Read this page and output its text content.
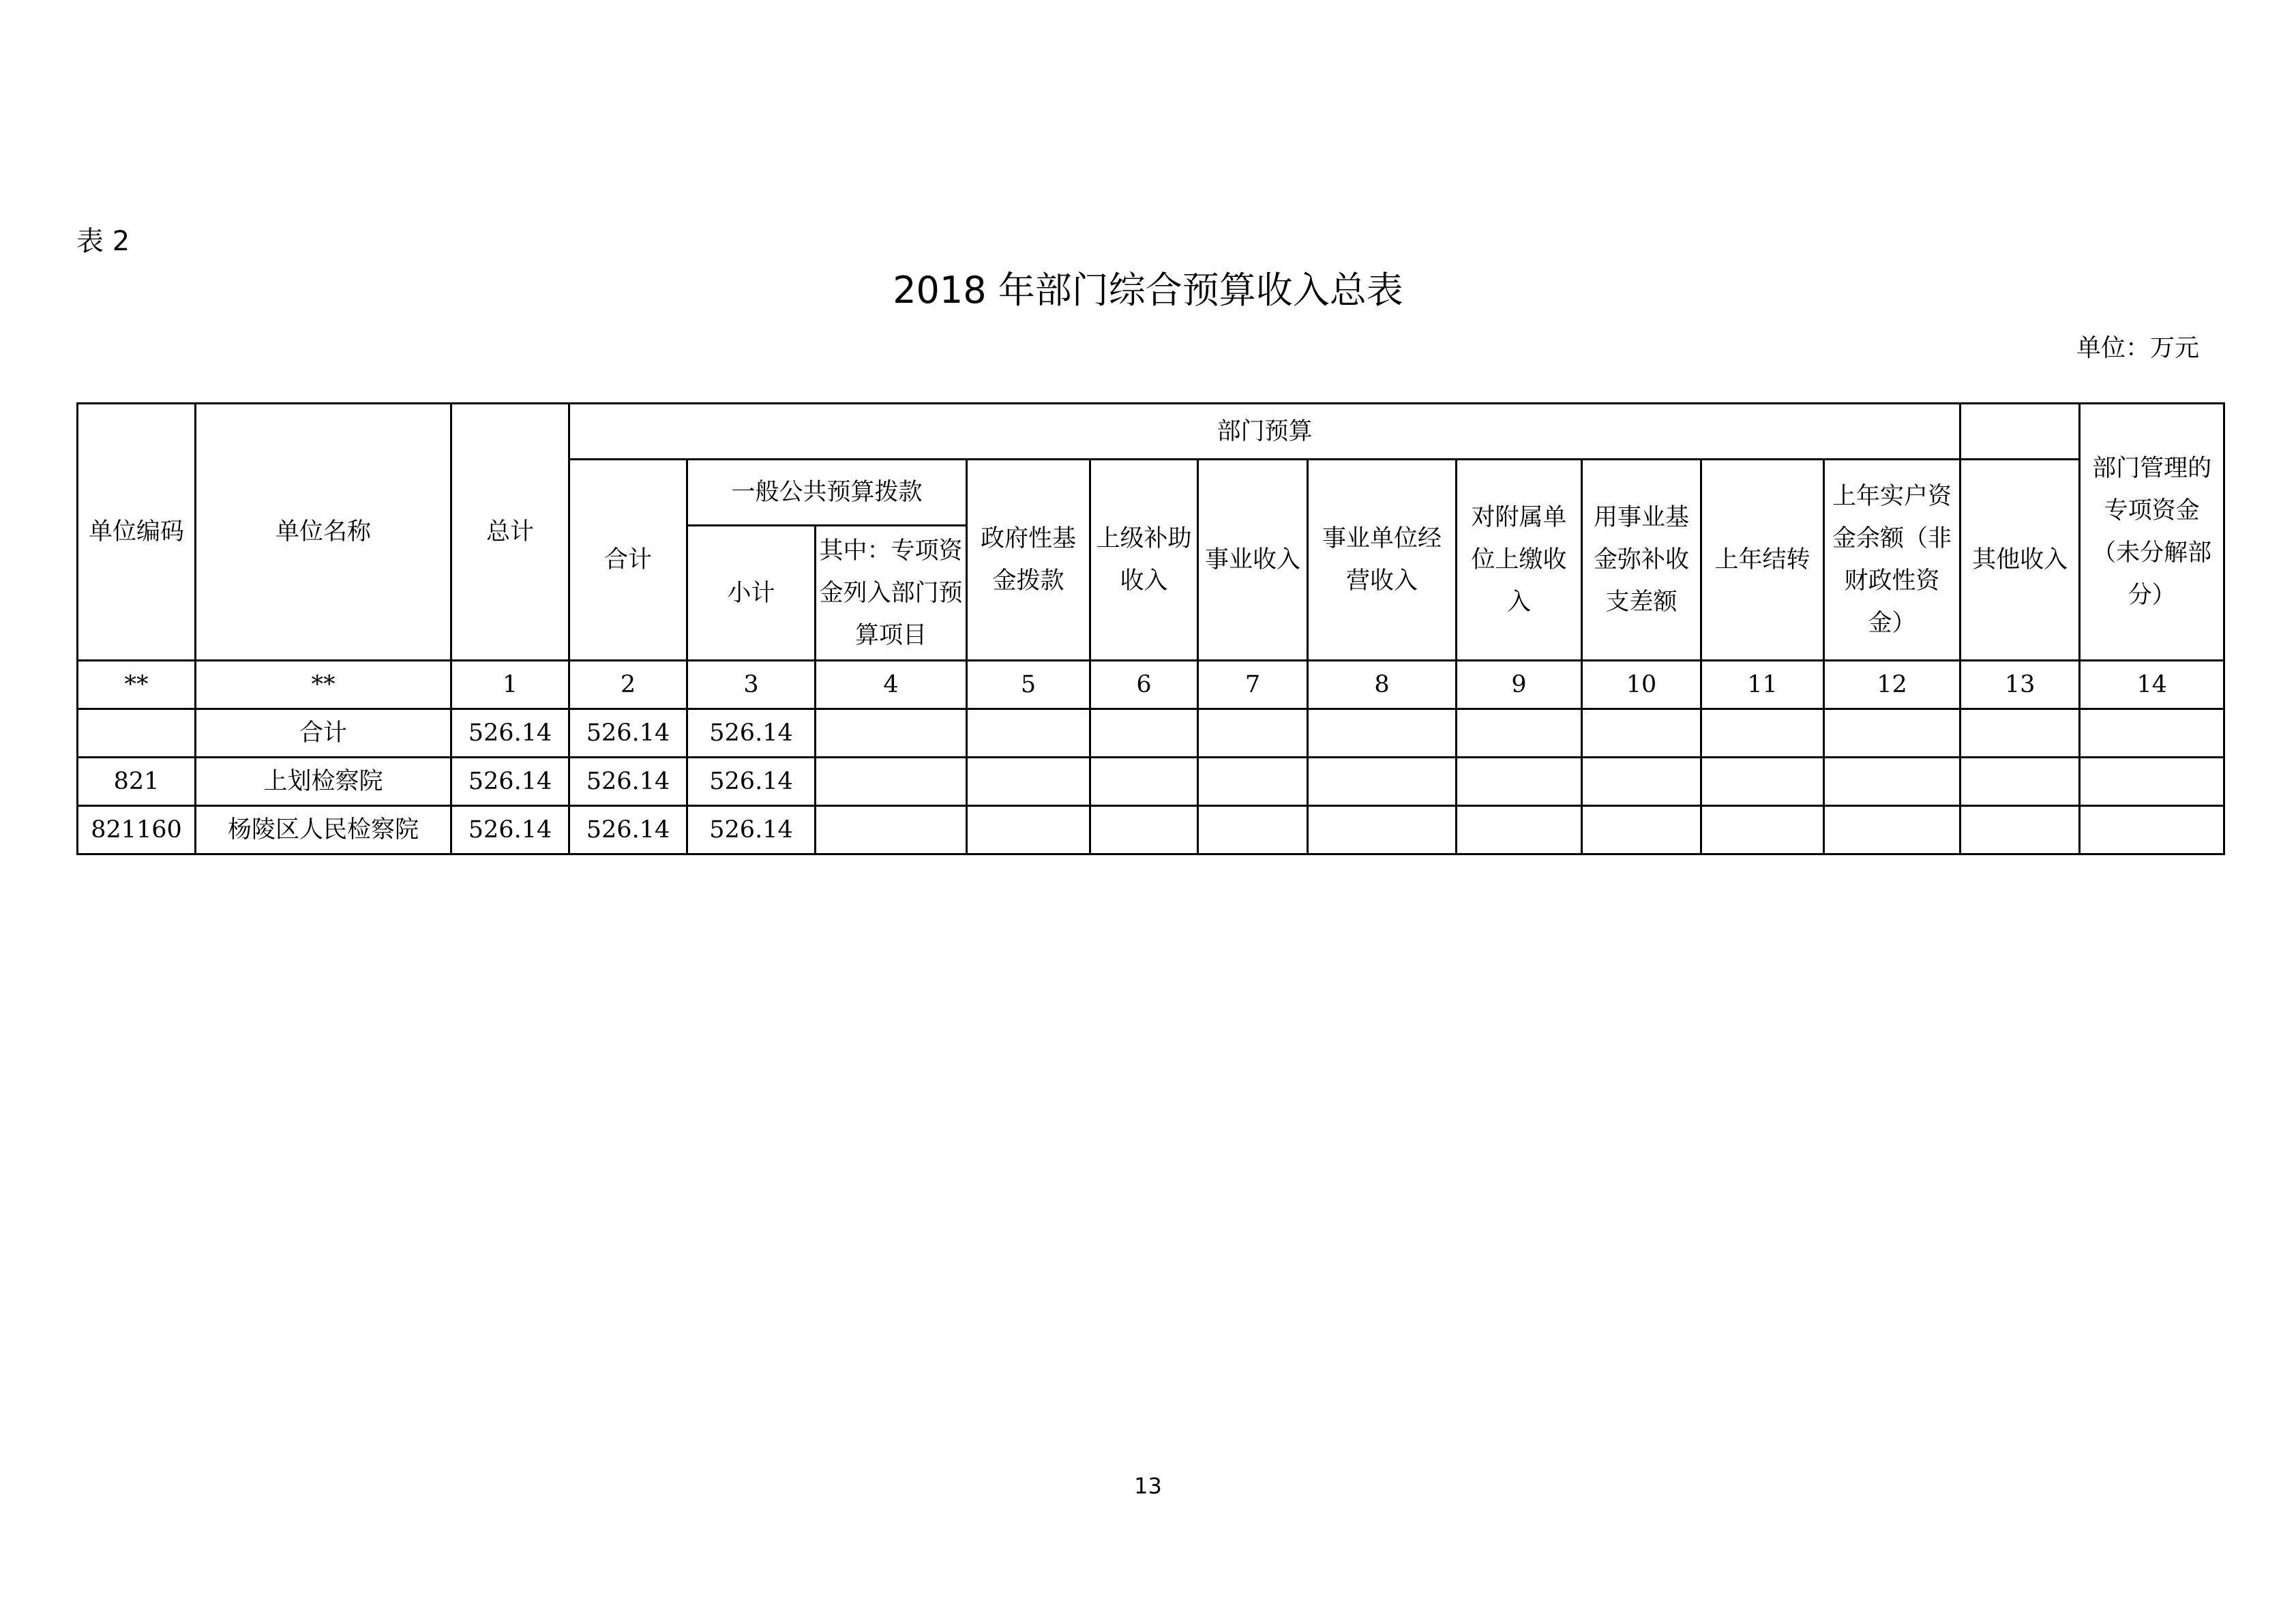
表 2
2018 年部门综合预算收入总表
单位：万元
单位编码	单位名称	总计	部门预算												部门管理的专项资金（未分解部分）
			合计	一般公共预算拨款		政府性基金拨款	上级补助收入	事业收入	事业单位经营收入	对附属单位上缴收入	用事业基金弥补收支差额	上年结转	上年实户资金余额（非财政性资金）	其他收入	
				小计	其中：专项资金列入部门预算项目										
**	**	1	2	3	4	5	6	7	8	9	10	11	12	13	14
	合计	526.14	526.14	526.14											
821	上划检察院	526.14	526.14	526.14											
821160	杨陵区人民检察院	526.14	526.14	526.14											
13
